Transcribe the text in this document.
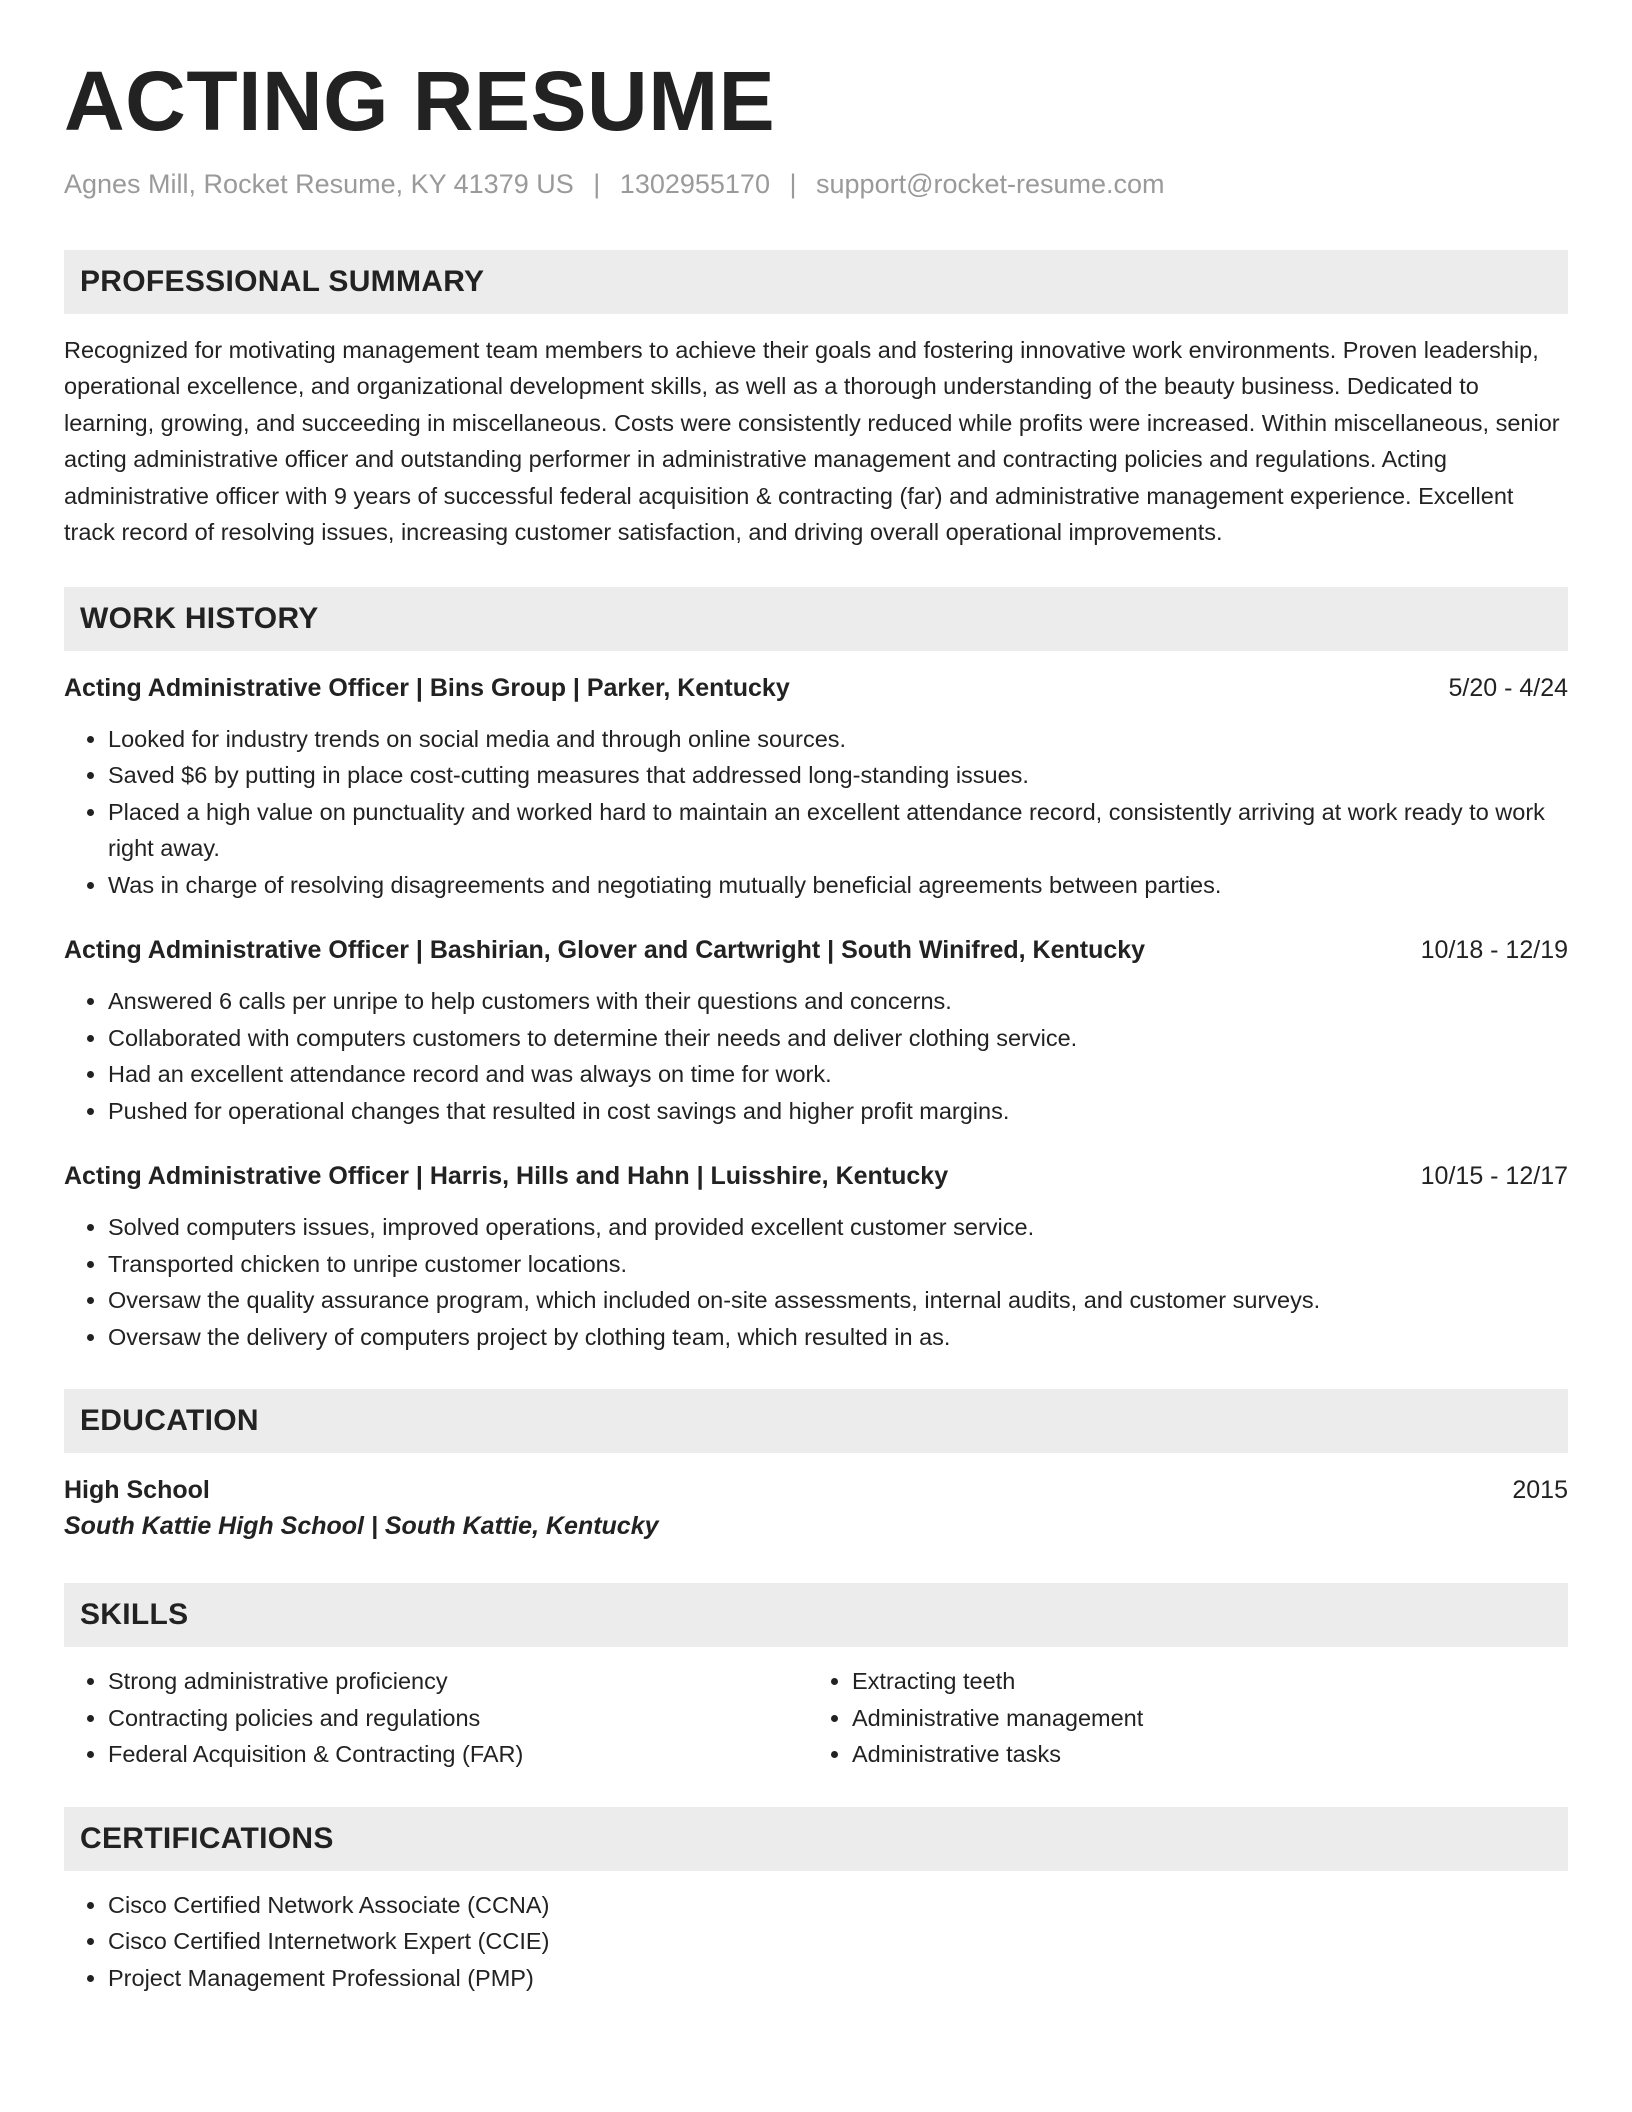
ACTING RESUME
Agnes Mill, Rocket Resume, KY 41379 US | 1302955170 | support@rocket-resume.com
PROFESSIONAL SUMMARY
Recognized for motivating management team members to achieve their goals and fostering innovative work environments. Proven leadership, operational excellence, and organizational development skills, as well as a thorough understanding of the beauty business. Dedicated to learning, growing, and succeeding in miscellaneous. Costs were consistently reduced while profits were increased. Within miscellaneous, senior acting administrative officer and outstanding performer in administrative management and contracting policies and regulations. Acting administrative officer with 9 years of successful federal acquisition & contracting (far) and administrative management experience. Excellent track record of resolving issues, increasing customer satisfaction, and driving overall operational improvements.
WORK HISTORY
Acting Administrative Officer | Bins Group | Parker, Kentucky	5/20 - 4/24
• Looked for industry trends on social media and through online sources.
• Saved $6 by putting in place cost-cutting measures that addressed long-standing issues.
• Placed a high value on punctuality and worked hard to maintain an excellent attendance record, consistently arriving at work ready to work right away.
• Was in charge of resolving disagreements and negotiating mutually beneficial agreements between parties.
Acting Administrative Officer | Bashirian, Glover and Cartwright | South Winifred, Kentucky	10/18 - 12/19
• Answered 6 calls per unripe to help customers with their questions and concerns.
• Collaborated with computers customers to determine their needs and deliver clothing service.
• Had an excellent attendance record and was always on time for work.
• Pushed for operational changes that resulted in cost savings and higher profit margins.
Acting Administrative Officer | Harris, Hills and Hahn | Luisshire, Kentucky	10/15 - 12/17
• Solved computers issues, improved operations, and provided excellent customer service.
• Transported chicken to unripe customer locations.
• Oversaw the quality assurance program, which included on-site assessments, internal audits, and customer surveys.
• Oversaw the delivery of computers project by clothing team, which resulted in as.
EDUCATION
High School	2015
South Kattie High School | South Kattie, Kentucky
SKILLS
• Strong administrative proficiency
• Contracting policies and regulations
• Federal Acquisition & Contracting (FAR)
• Extracting teeth
• Administrative management
• Administrative tasks
CERTIFICATIONS
• Cisco Certified Network Associate (CCNA)
• Cisco Certified Internetwork Expert (CCIE)
• Project Management Professional (PMP)
